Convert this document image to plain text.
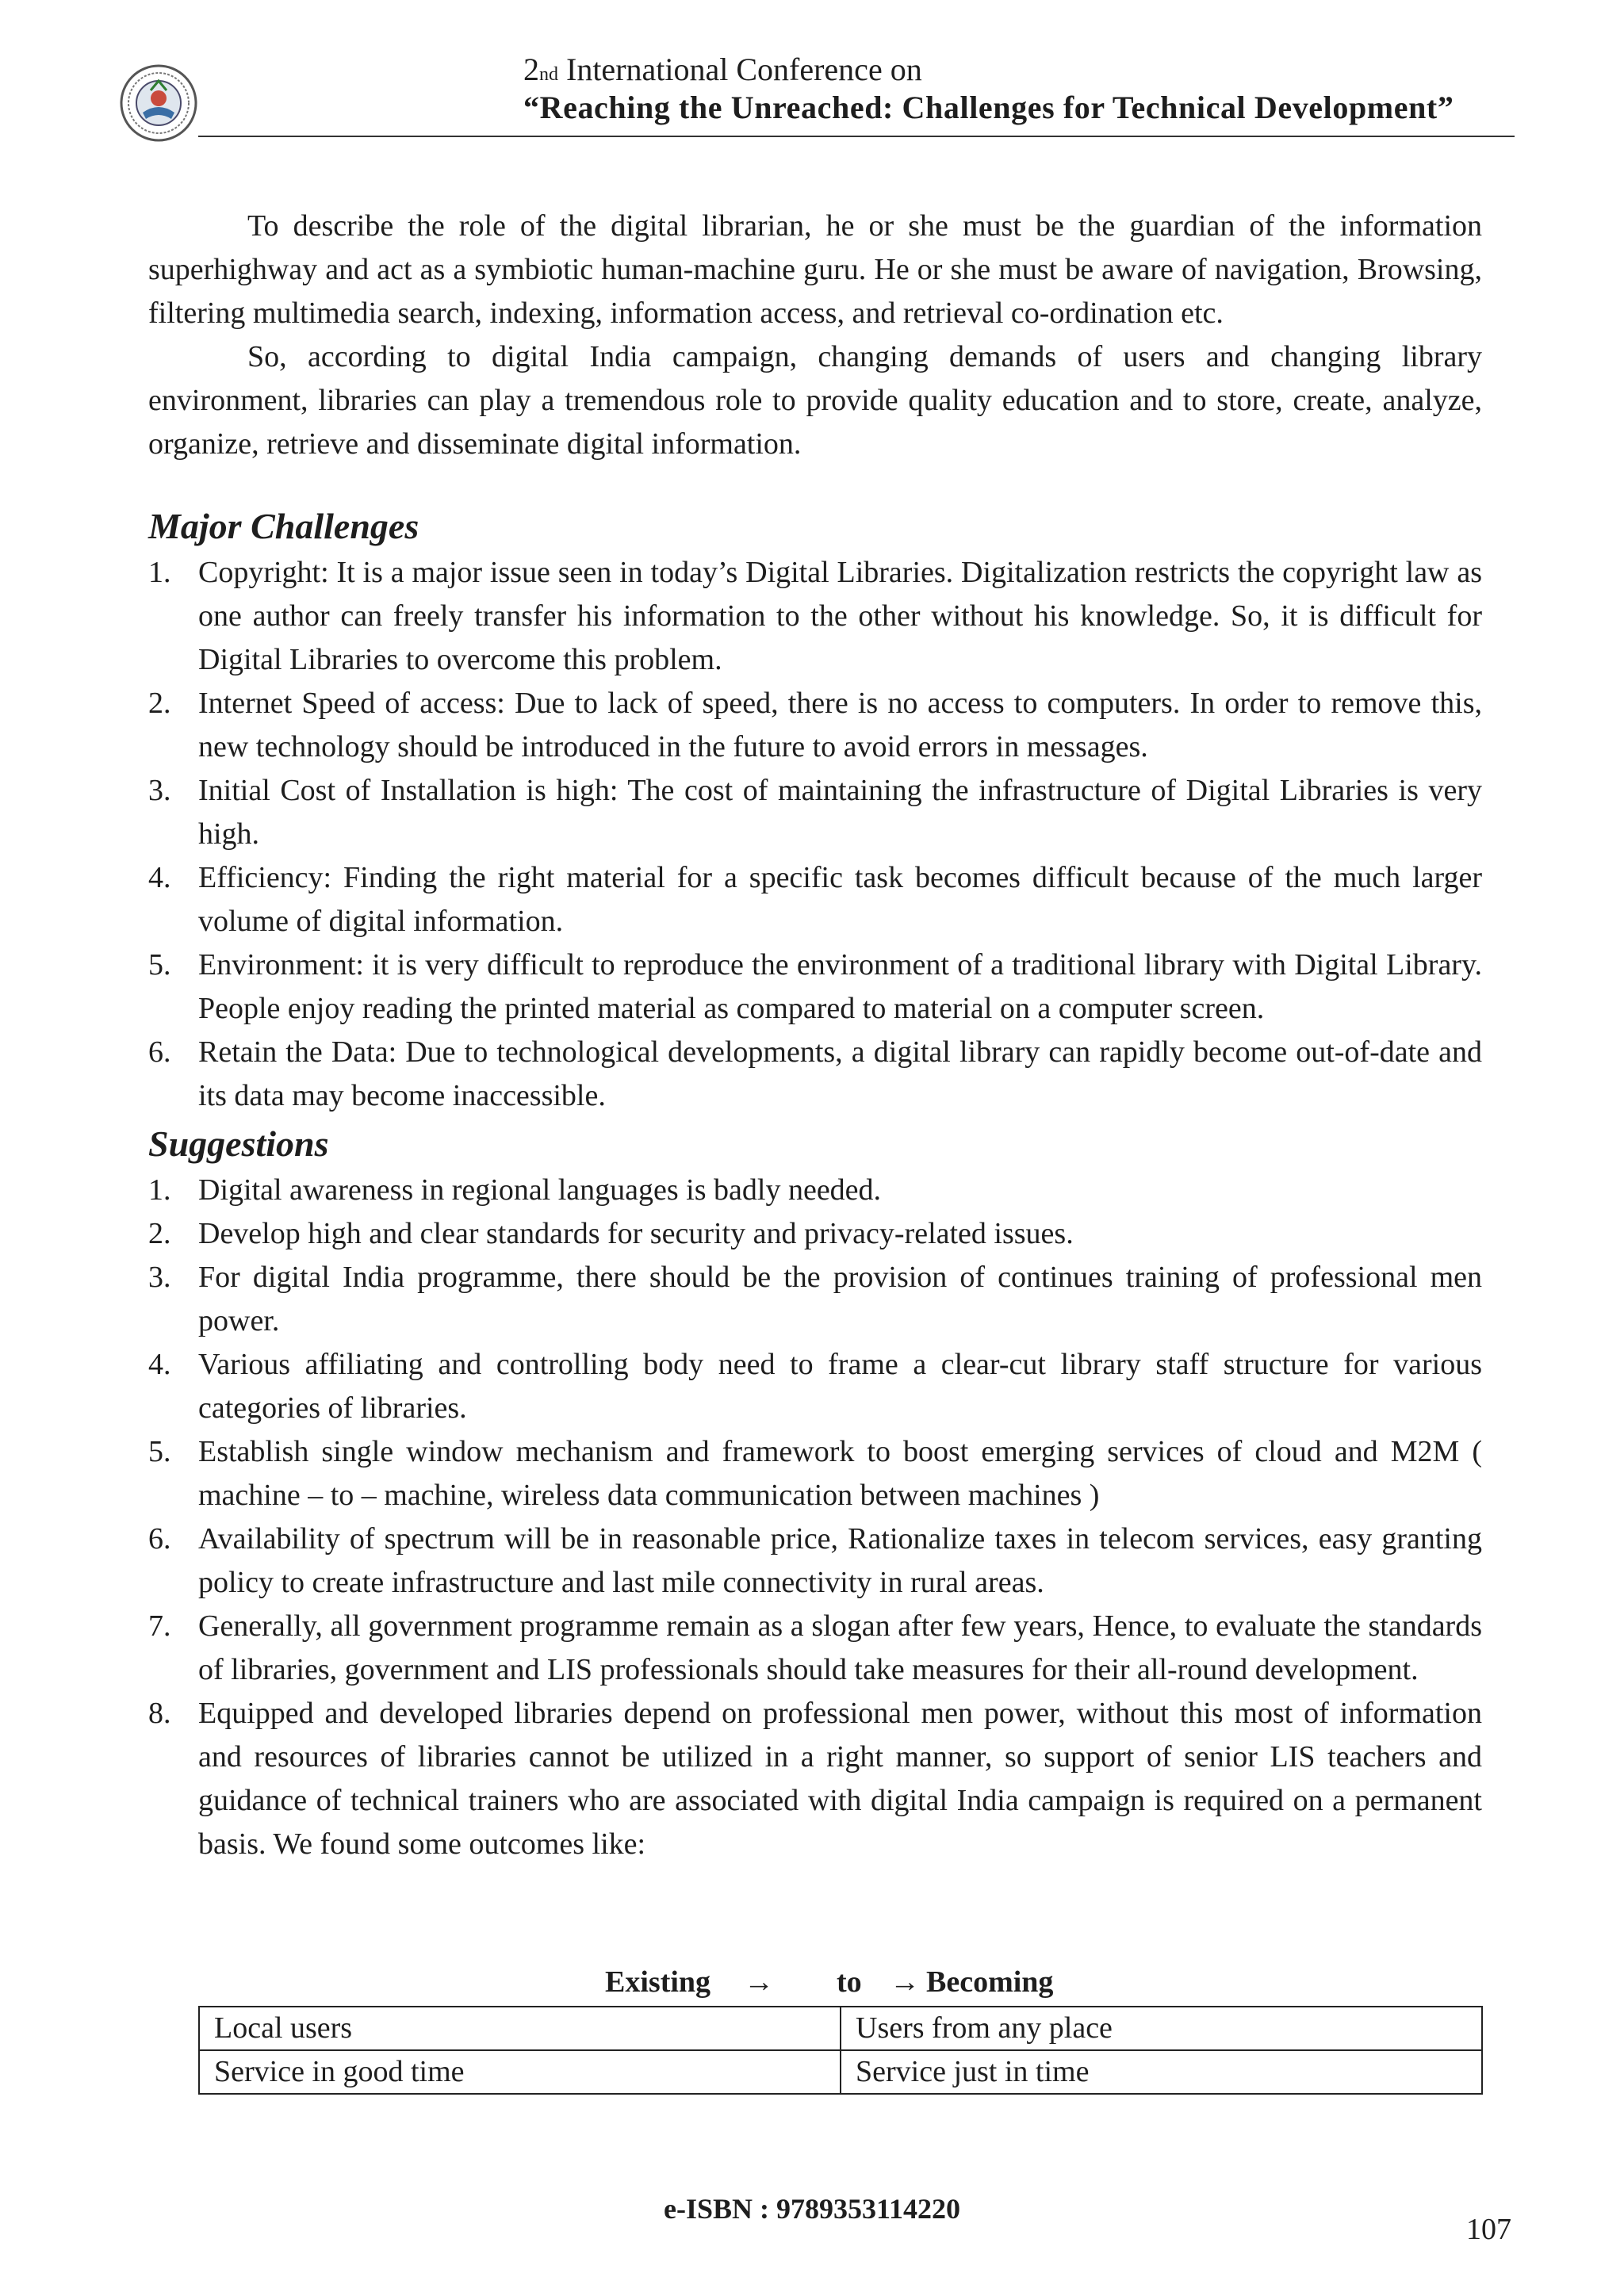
2nd International Conference on
“Reaching the Unreached: Challenges for Technical Development”

To describe the role of the digital librarian, he or she must be the guardian of the information superhighway and act as a symbiotic human-machine guru. He or she must be aware of navigation, Browsing, filtering multimedia search, indexing, information access, and retrieval co-ordination etc.

So, according to digital India campaign, changing demands of users and changing library environment, libraries can play a tremendous role to provide quality education and to store, create, analyze, organize, retrieve and disseminate digital information.

Major Challenges
1. Copyright: It is a major issue seen in today’s Digital Libraries. Digitalization restricts the copyright law as one author can freely transfer his information to the other without his knowledge. So, it is difficult for Digital Libraries to overcome this problem.
2. Internet Speed of access: Due to lack of speed, there is no access to computers. In order to remove this, new technology should be introduced in the future to avoid errors in messages.
3. Initial Cost of Installation is high: The cost of maintaining the infrastructure of Digital Libraries is very high.
4. Efficiency: Finding the right material for a specific task becomes difficult because of the much larger volume of digital information.
5. Environment: it is very difficult to reproduce the environment of a traditional library with Digital Library. People enjoy reading the printed material as compared to material on a computer screen.
6. Retain the Data: Due to technological developments, a digital library can rapidly become out-of-date and its data may become inaccessible.
Suggestions
1. Digital awareness in regional languages is badly needed.
2. Develop high and clear standards for security and privacy-related issues.
3. For digital India programme, there should be the provision of continues training of professional men power.
4. Various affiliating and controlling body need to frame a clear-cut library staff structure for various categories of libraries.
5. Establish single window mechanism and framework to boost emerging services of cloud and M2M ( machine – to – machine, wireless data communication between machines )
6. Availability of spectrum will be in reasonable price, Rationalize taxes in telecom services, easy granting policy to create infrastructure and last mile connectivity in rural areas.
7. Generally, all government programme remain as a slogan after few years, Hence, to evaluate the standards of libraries, government and LIS professionals should take measures for their all-round development.
8. Equipped and developed libraries depend on professional men power, without this most of information and resources of libraries cannot be utilized in a right manner, so support of senior LIS teachers and guidance of technical trainers who are associated with digital India campaign is required on a permanent basis. We found some outcomes like:
Existing → to → Becoming
Local users	Users from any place
Service in good time	Service just in time
e-ISBN : 9789353114220
107
